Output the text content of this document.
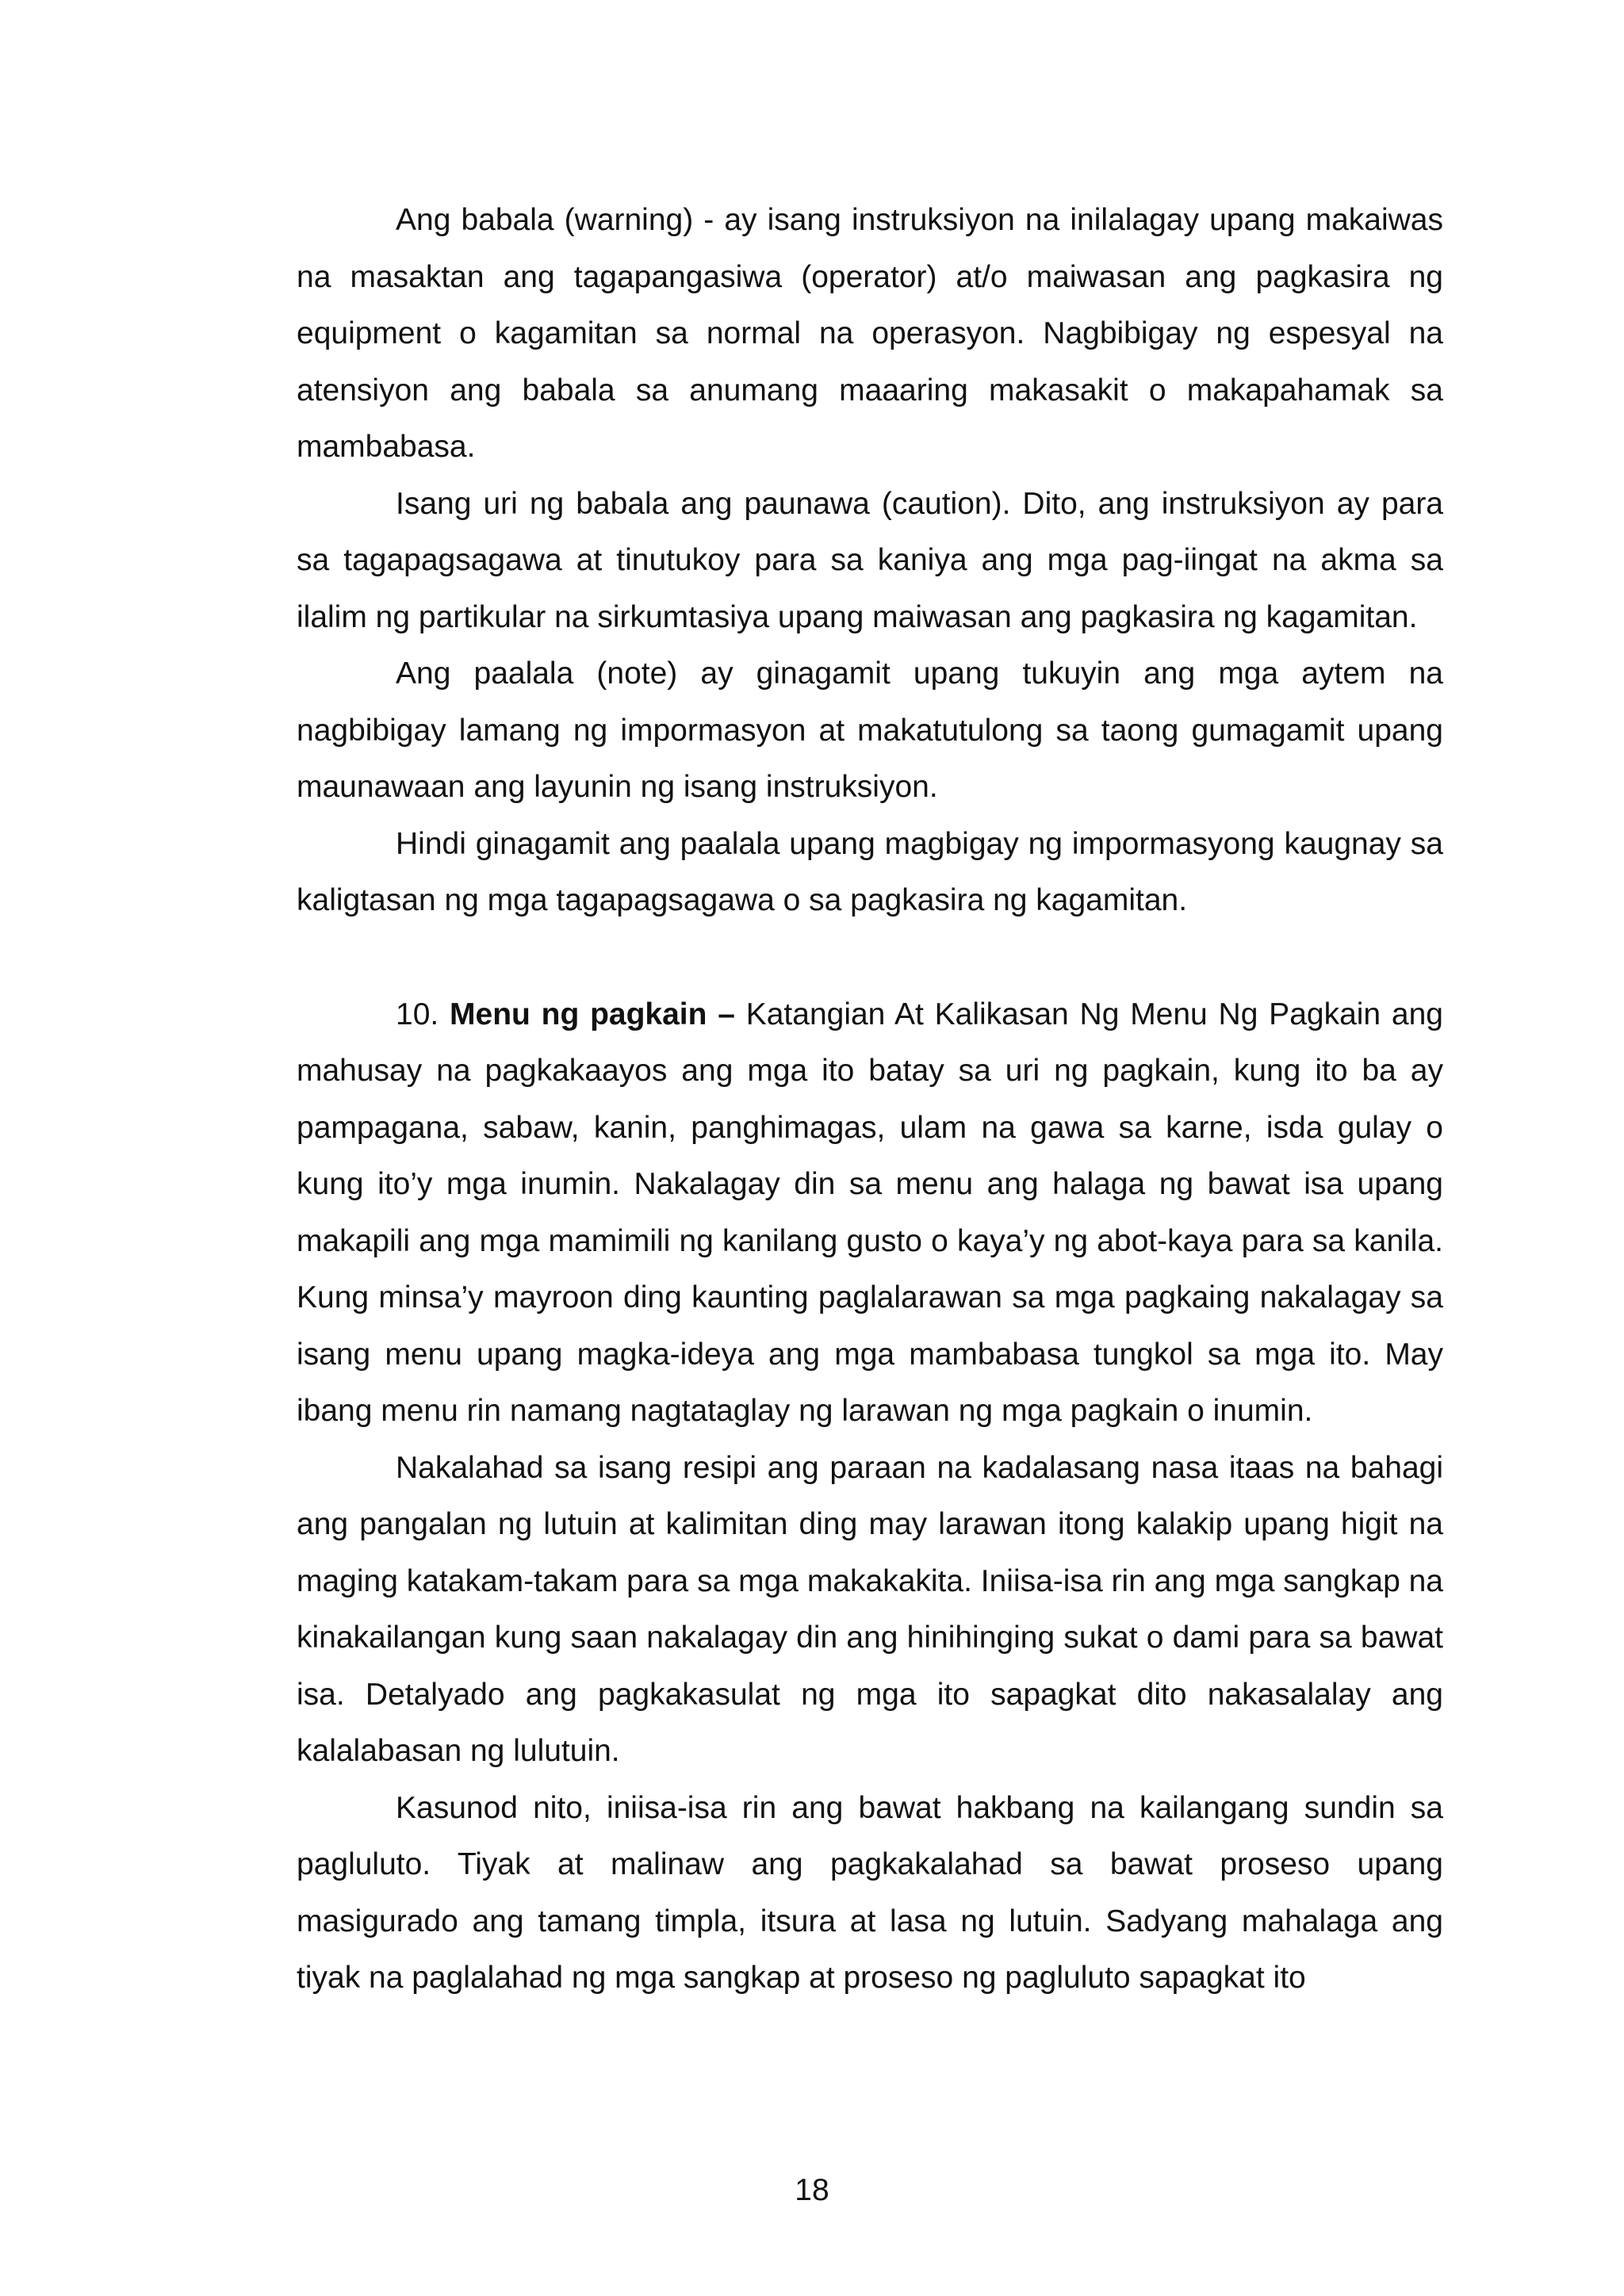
Ang babala (warning) - ay isang instruksiyon na inilalagay upang makaiwas na masaktan ang tagapangasiwa (operator) at/o maiwasan ang pagkasira ng equipment o kagamitan sa normal na operasyon. Nagbibigay ng espesyal na atensiyon ang babala sa anumang maaaring makasakit o makapahamak sa mambabasa.

Isang uri ng babala ang paunawa (caution). Dito, ang instruksiyon ay para sa tagapagsagawa at tinutukoy para sa kaniya ang mga pag-iingat na akma sa ilalim ng partikular na sirkumtasiya upang maiwasan ang pagkasira ng kagamitan.

Ang paalala (note) ay ginagamit upang tukuyin ang mga aytem na nagbibigay lamang ng impormasyon at makatutulong sa taong gumagamit upang maunawaan ang layunin ng isang instruksiyon.

Hindi ginagamit ang paalala upang magbigay ng impormasyong kaugnay sa kaligtasan ng mga tagapagsagawa o sa pagkasira ng kagamitan.

10. Menu ng pagkain – Katangian At Kalikasan Ng Menu Ng Pagkain ang mahusay na pagkakaayos ang mga ito batay sa uri ng pagkain, kung ito ba ay pampagana, sabaw, kanin, panghimagas, ulam na gawa sa karne, isda gulay o kung ito’y mga inumin. Nakalagay din sa menu ang halaga ng bawat isa upang makapili ang mga mamimili ng kanilang gusto o kaya’y ng abot-kaya para sa kanila. Kung minsa’y mayroon ding kaunting paglalarawan sa mga pagkaing nakalagay sa isang menu upang magka-ideya ang mga mambabasa tungkol sa mga ito. May ibang menu rin namang nagtataglay ng larawan ng mga pagkain o inumin.

Nakalahad sa isang resipi ang paraan na kadalasang nasa itaas na bahagi ang pangalan ng lutuin at kalimitan ding may larawan itong kalakip upang higit na maging katakam-takam para sa mga makakakita. Iniisa-isa rin ang mga sangkap na kinakailangan kung saan nakalagay din ang hinihinging sukat o dami para sa bawat isa. Detalyado ang pagkakasulat ng mga ito sapagkat dito nakasalalay ang kalalabasan ng lulutuin.

Kasunod nito, iniisa-isa rin ang bawat hakbang na kailangang sundin sa pagluluto. Tiyak at malinaw ang pagkakalahad sa bawat proseso upang masigurado ang tamang timpla, itsura at lasa ng lutuin. Sadyang mahalaga ang tiyak na paglalahad ng mga sangkap at proseso ng pagluluto sapagkat ito

18
